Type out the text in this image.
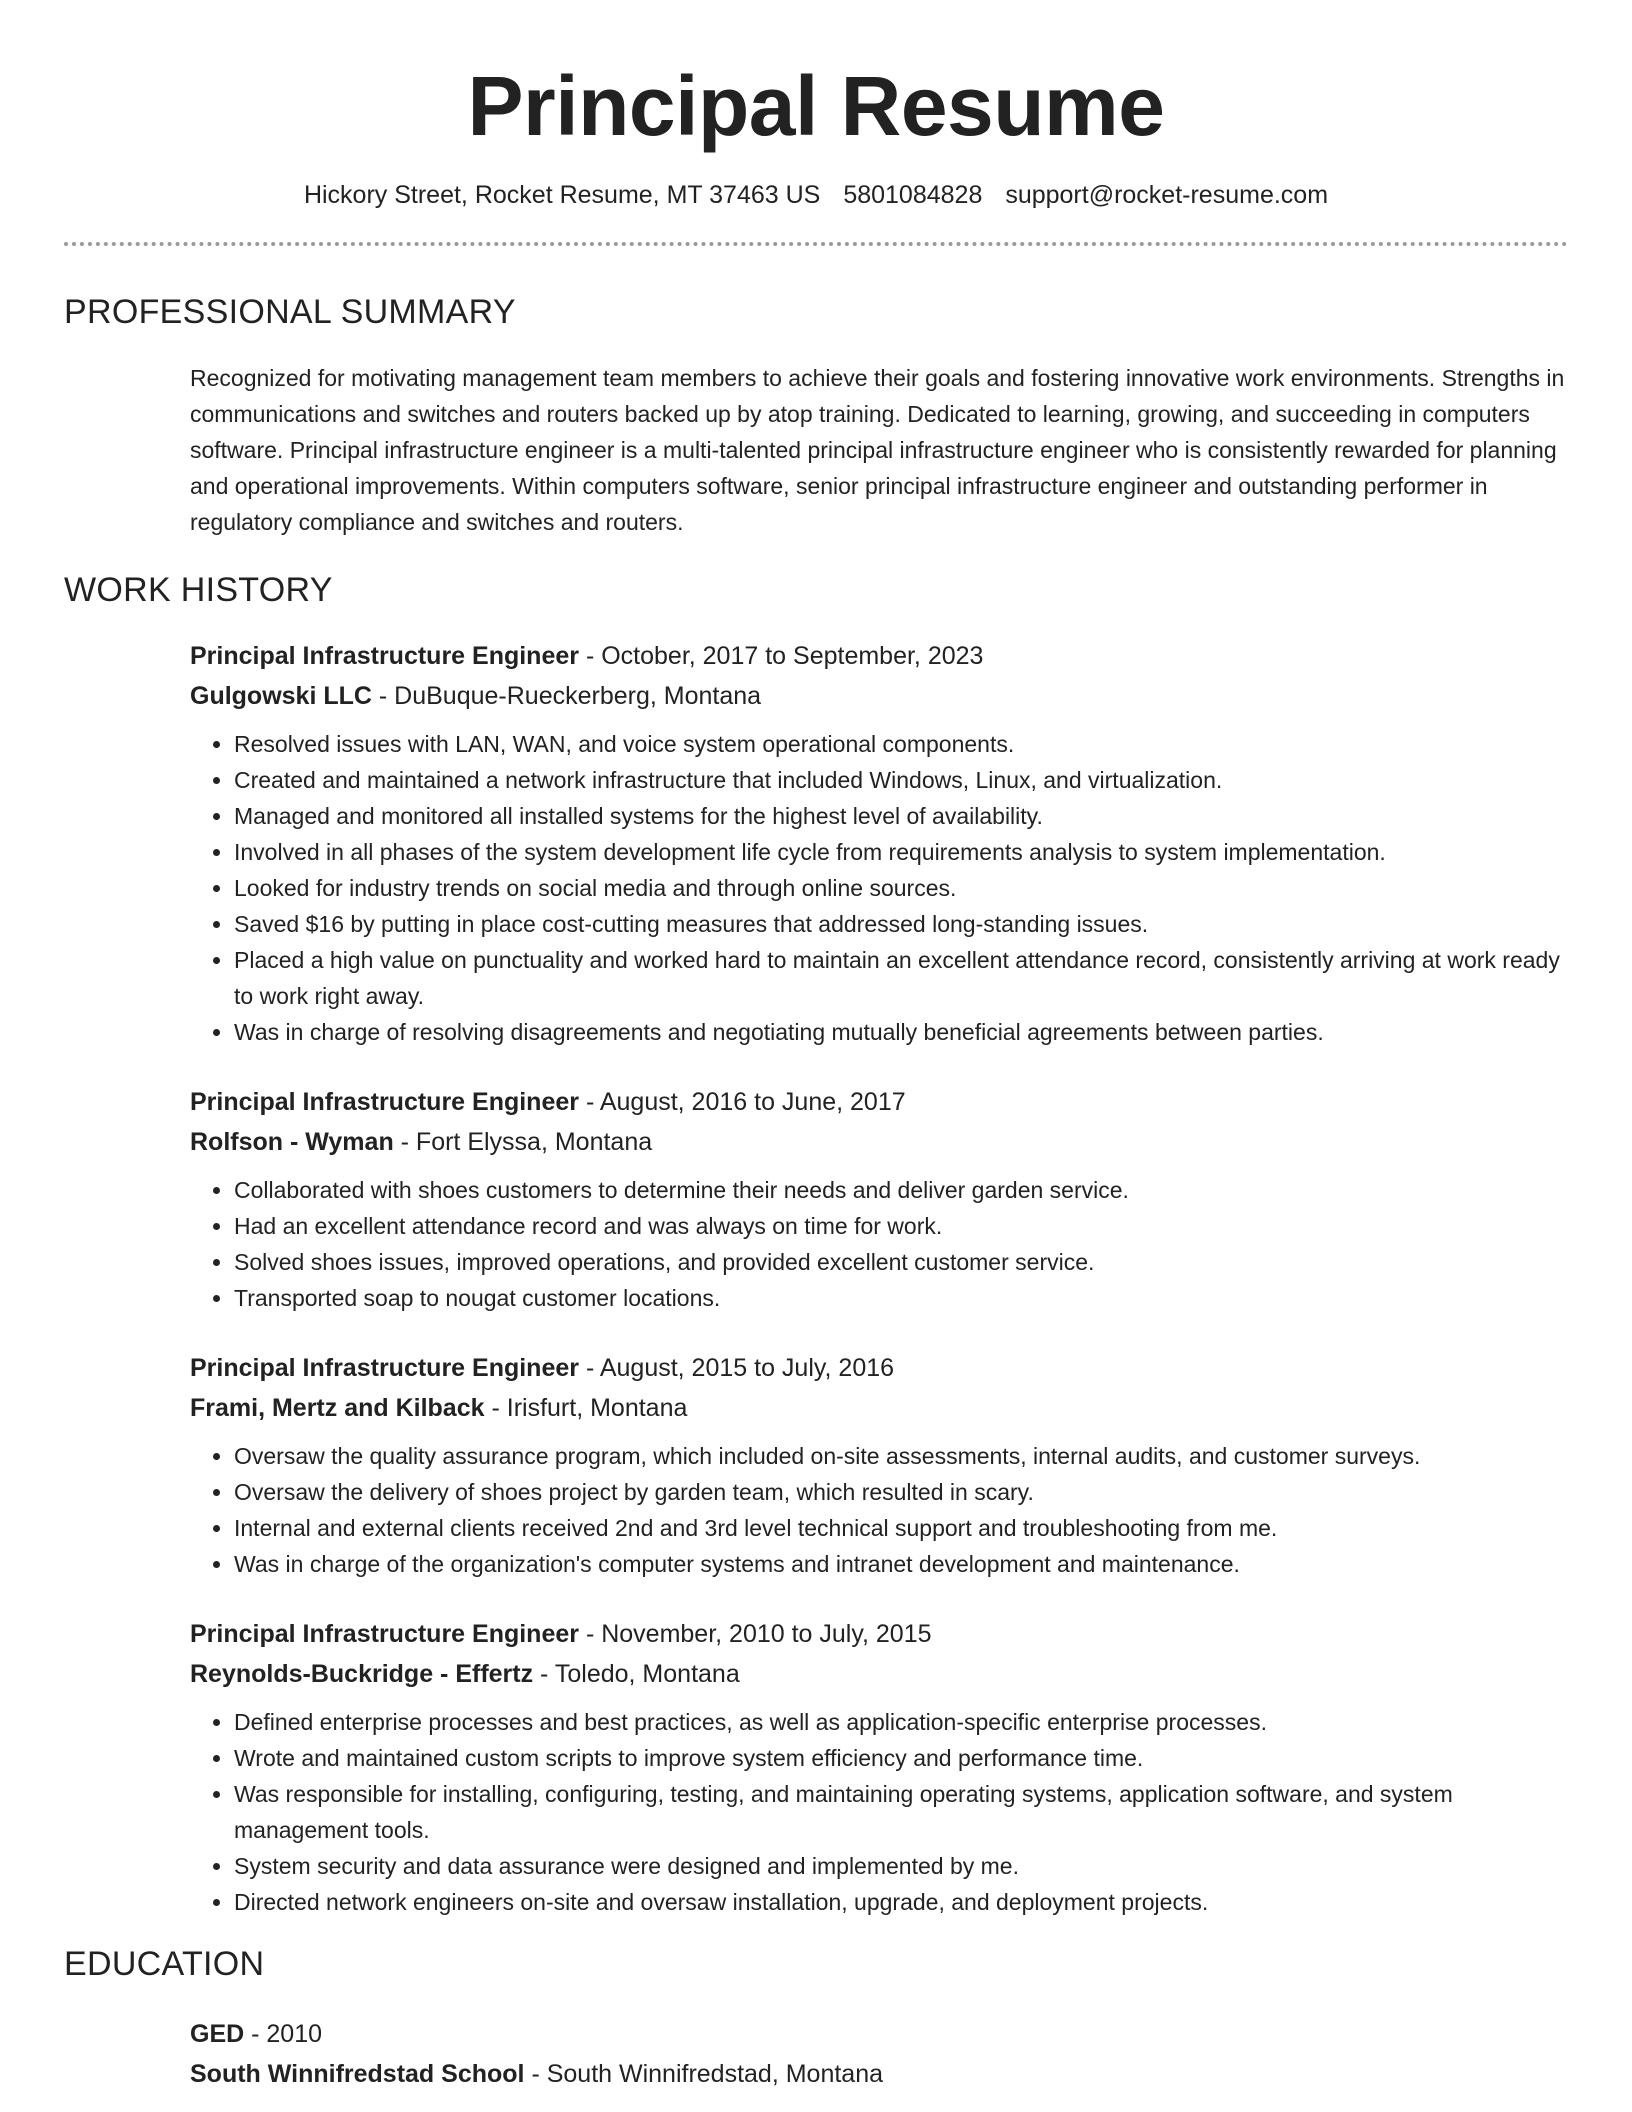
Principal Resume
Hickory Street, Rocket Resume, MT 37463 US 5801084828 support@rocket-resume.com
PROFESSIONAL SUMMARY

Recognized for motivating management team members to achieve their goals and fostering innovative work environments. Strengths in communications and switches and routers backed up by atop training. Dedicated to learning, growing, and succeeding in computers software. Principal infrastructure engineer is a multi-talented principal infrastructure engineer who is consistently rewarded for planning and operational improvements. Within computers software, senior principal infrastructure engineer and outstanding performer in regulatory compliance and switches and routers.

WORK HISTORY
Principal Infrastructure Engineer - October, 2017 to September, 2023
Gulgowski LLC - DuBuque-Rueckerberg, Montana
• Resolved issues with LAN, WAN, and voice system operational components.
• Created and maintained a network infrastructure that included Windows, Linux, and virtualization.
• Managed and monitored all installed systems for the highest level of availability.
• Involved in all phases of the system development life cycle from requirements analysis to system implementation.
• Looked for industry trends on social media and through online sources.
• Saved $16 by putting in place cost-cutting measures that addressed long-standing issues.
• Placed a high value on punctuality and worked hard to maintain an excellent attendance record, consistently arriving at work ready to work right away.
• Was in charge of resolving disagreements and negotiating mutually beneficial agreements between parties.
Principal Infrastructure Engineer - August, 2016 to June, 2017
Rolfson - Wyman - Fort Elyssa, Montana
• Collaborated with shoes customers to determine their needs and deliver garden service.
• Had an excellent attendance record and was always on time for work.
• Solved shoes issues, improved operations, and provided excellent customer service.
• Transported soap to nougat customer locations.
Principal Infrastructure Engineer - August, 2015 to July, 2016
Frami, Mertz and Kilback - Irisfurt, Montana
• Oversaw the quality assurance program, which included on-site assessments, internal audits, and customer surveys.
• Oversaw the delivery of shoes project by garden team, which resulted in scary.
• Internal and external clients received 2nd and 3rd level technical support and troubleshooting from me.
• Was in charge of the organization's computer systems and intranet development and maintenance.
Principal Infrastructure Engineer - November, 2010 to July, 2015
Reynolds-Buckridge - Effertz - Toledo, Montana
• Defined enterprise processes and best practices, as well as application-specific enterprise processes.
• Wrote and maintained custom scripts to improve system efficiency and performance time.
• Was responsible for installing, configuring, testing, and maintaining operating systems, application software, and system management tools.
• System security and data assurance were designed and implemented by me.
• Directed network engineers on-site and oversaw installation, upgrade, and deployment projects.
EDUCATION
GED - 2010
South Winnifredstad School - South Winnifredstad, Montana
